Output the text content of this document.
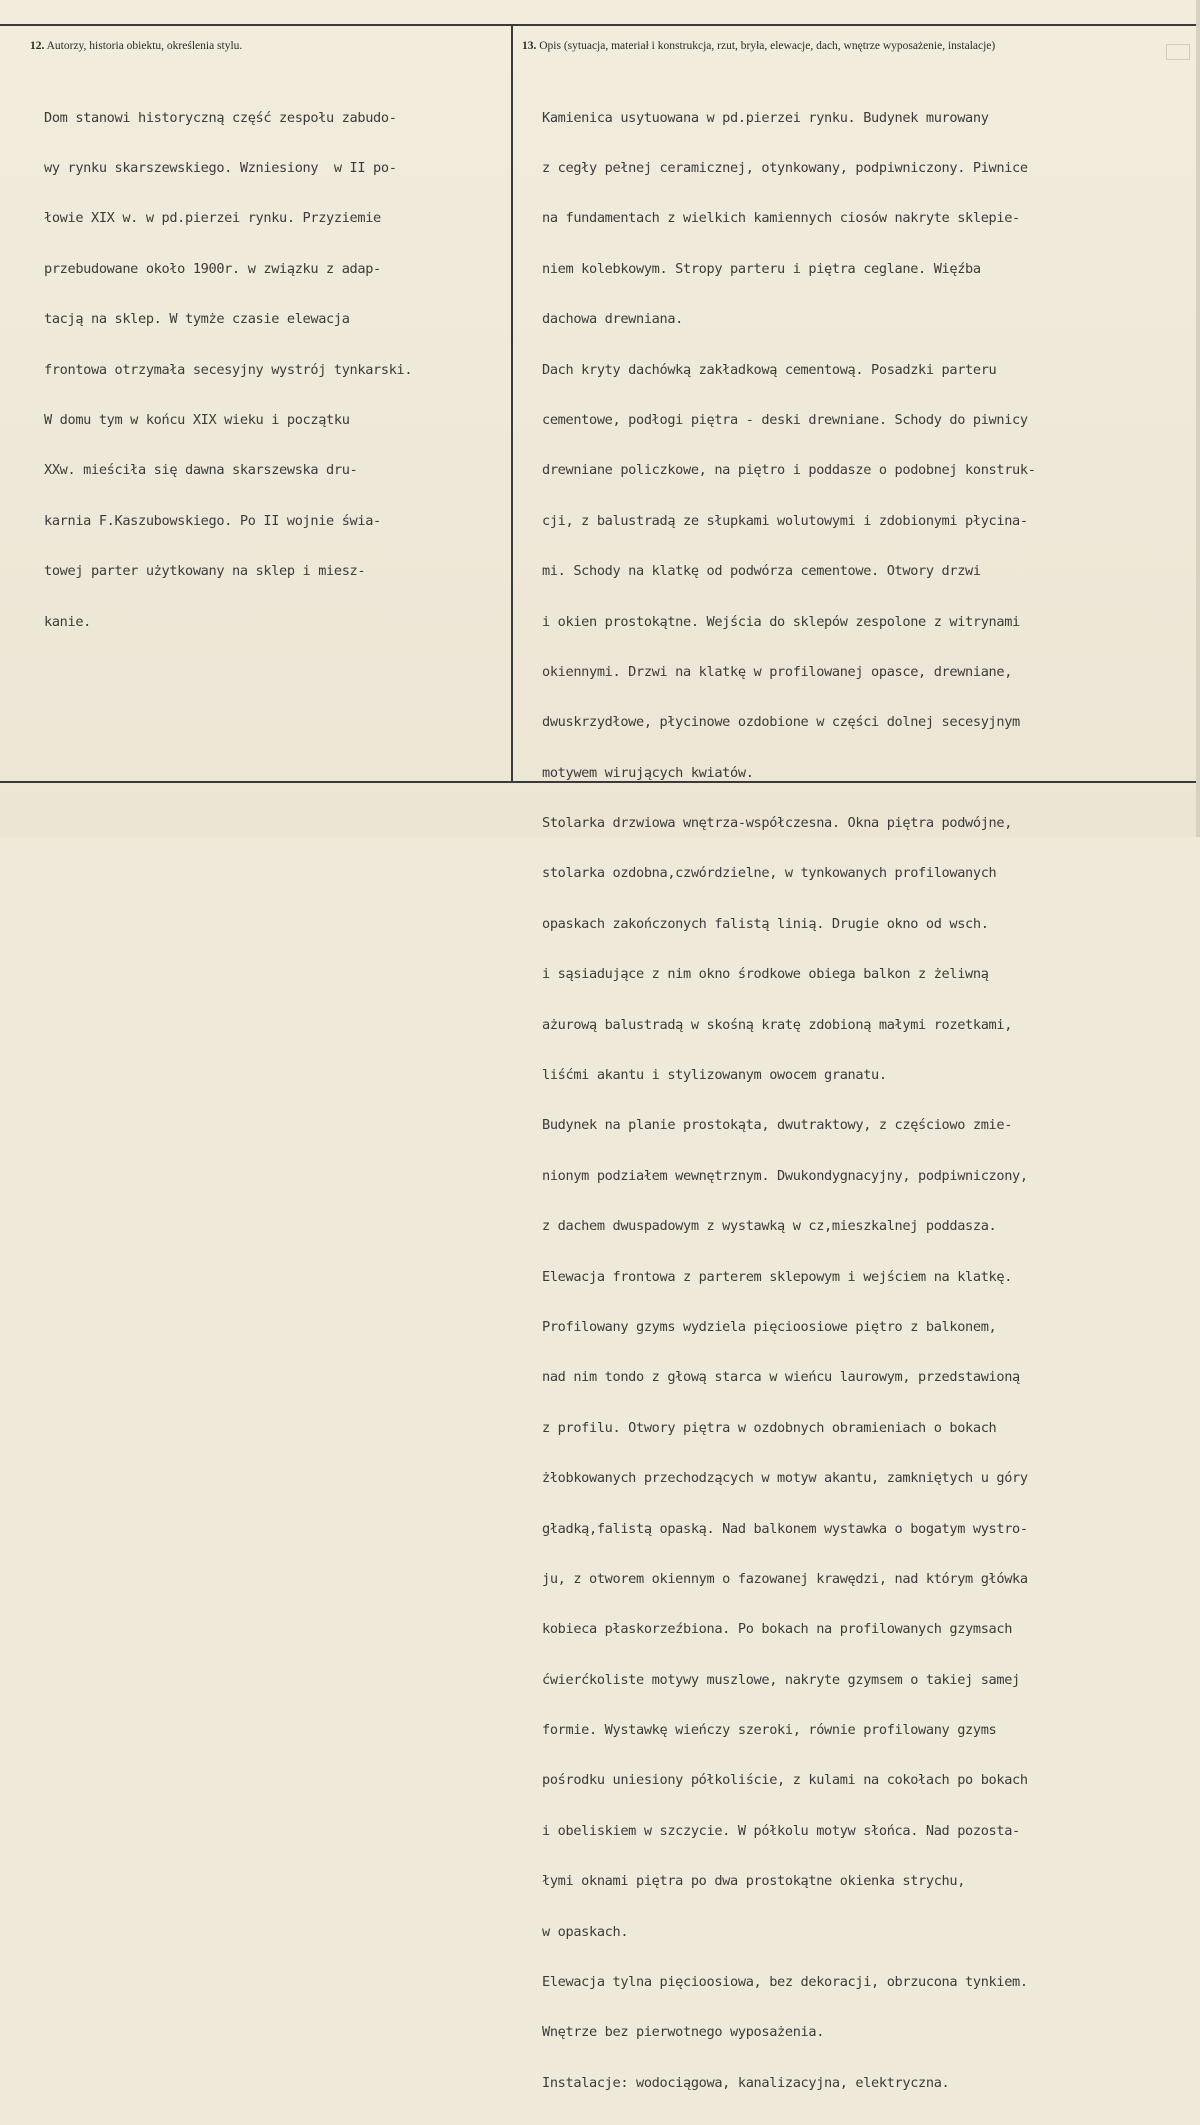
12. Autorzy, historia obiektu, określenia stylu.	13. Opis (sytuacja, materiał i konstrukcja, rzut, bryła, elewacje, dach, wnętrze wyposażenie, instalacje)

Dom stanowi historyczną część zespołu zabudo-

wy rynku skarszewskiego. Wzniesiony  w II po-

łowie XIX w. w pd.pierzei rynku. Przyziemie

przebudowane około 1900r. w związku z adap-

tacją na sklep. W tymże czasie elewacja

frontowa otrzymała secesyjny wystrój tynkarski.

W domu tym w końcu XIX wieku i początku

XXw. mieściła się dawna skarszewska dru-

karnia F.Kaszubowskiego. Po II wojnie świa-

towej parter użytkowany na sklep i miesz-

kanie.

Kamienica usytuowana w pd.pierzei rynku. Budynek murowany

z cegły pełnej ceramicznej, otynkowany, podpiwniczony. Piwnice

na fundamentach z wielkich kamiennych ciosów nakryte sklepie-

niem kolebkowym. Stropy parteru i piętra ceglane. Więźba

dachowa drewniana.

Dach kryty dachówką zakładkową cementową. Posadzki parteru

cementowe, podłogi piętra - deski drewniane. Schody do piwnicy

drewniane policzkowe, na piętro i poddasze o podobnej konstruk-

cji, z balustradą ze słupkami wolutowymi i zdobionymi płycina-

mi. Schody na klatkę od podwórza cementowe. Otwory drzwi

i okien prostokątne. Wejścia do sklepów zespolone z witrynami

okiennymi. Drzwi na klatkę w profilowanej opasce, drewniane,

dwuskrzydłowe, płycinowe ozdobione w części dolnej secesyjnym

motywem wirujących kwiatów.

Stolarka drzwiowa wnętrza-współczesna. Okna piętra podwójne,

stolarka ozdobna,czwórdzielne, w tynkowanych profilowanych

opaskach zakończonych falistą linią. Drugie okno od wsch.

i sąsiadujące z nim okno środkowe obiega balkon z żeliwną

ażurową balustradą w skośną kratę zdobioną małymi rozetkami,

liśćmi akantu i stylizowanym owocem granatu.

Budynek na planie prostokąta, dwutraktowy, z częściowo zmie-

nionym podziałem wewnętrznym. Dwukondygnacyjny, podpiwniczony,

z dachem dwuspadowym z wystawką w cz,mieszkalnej poddasza.

Elewacja frontowa z parterem sklepowym i wejściem na klatkę.

Profilowany gzyms wydziela pięcioosiowe piętro z balkonem,

nad nim tondo z głową starca w wieńcu laurowym, przedstawioną

z profilu. Otwory piętra w ozdobnych obramieniach o bokach

żłobkowanych przechodzących w motyw akantu, zamkniętych u góry

gładką,falistą opaską. Nad balkonem wystawka o bogatym wystro-

ju, z otworem okiennym o fazowanej krawędzi, nad którym główka

kobieca płaskorzeźbiona. Po bokach na profilowanych gzymsach

ćwierćkoliste motywy muszlowe, nakryte gzymsem o takiej samej

formie. Wystawkę wieńczy szeroki, równie profilowany gzyms

pośrodku uniesiony półkoliście, z kulami na cokołach po bokach

i obeliskiem w szczycie. W półkolu motyw słońca. Nad pozosta-

łymi oknami piętra po dwa prostokątne okienka strychu,

w opaskach.

Elewacja tylna pięcioosiowa, bez dekoracji, obrzucona tynkiem.

Wnętrze bez pierwotnego wyposażenia.

Instalacje: wodociągowa, kanalizacyjna, elektryczna.
